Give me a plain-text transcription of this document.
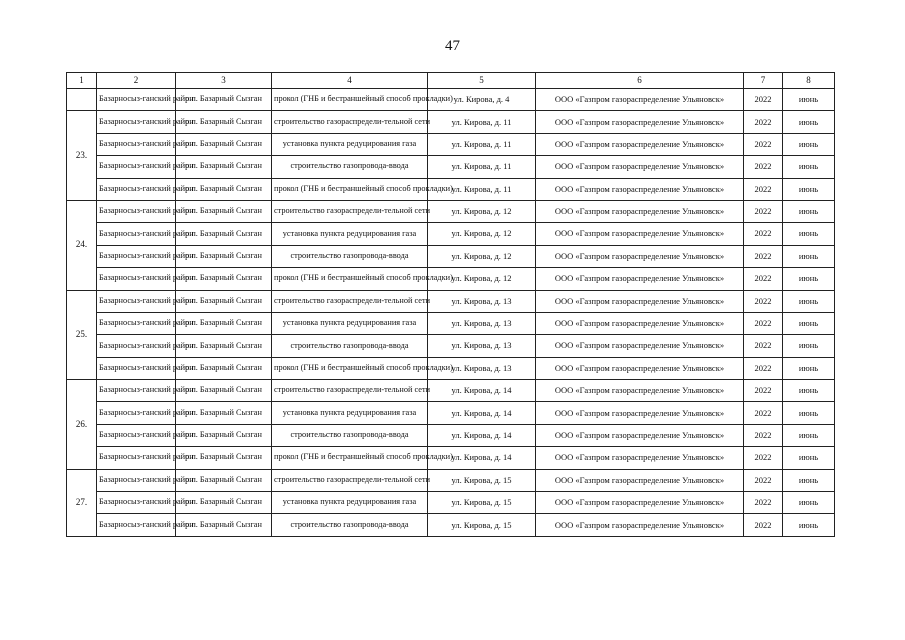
47
1	2	3	4	5	6	7	8
	Базарносыз-ганский район	р.п. Базарный Сызган	прокол (ГНБ и бестраншейный способ прокладки)	ул. Кирова, д. 4	ООО «Газпром газораспределение Ульяновск»	2022	июнь
23.	Базарносыз-ганский район	р.п. Базарный Сызган	строительство газораспредели-тельной сети	ул. Кирова, д. 11	ООО «Газпром газораспределение Ульяновск»	2022	июнь
	Базарносыз-ганский район	р.п. Базарный Сызган	установка пункта редуцирования газа	ул. Кирова, д. 11	ООО «Газпром газораспределение Ульяновск»	2022	июнь
	Базарносыз-ганский район	р.п. Базарный Сызган	строительство газопровода-ввода	ул. Кирова, д. 11	ООО «Газпром газораспределение Ульяновск»	2022	июнь
	Базарносыз-ганский район	р.п. Базарный Сызган	прокол (ГНБ и бестраншейный способ прокладки)	ул. Кирова, д. 11	ООО «Газпром газораспределение Ульяновск»	2022	июнь
24.	Базарносыз-ганский район	р.п. Базарный Сызган	строительство газораспредели-тельной сети	ул. Кирова, д. 12	ООО «Газпром газораспределение Ульяновск»	2022	июнь
	Базарносыз-ганский район	р.п. Базарный Сызган	установка пункта редуцирования газа	ул. Кирова, д. 12	ООО «Газпром газораспределение Ульяновск»	2022	июнь
	Базарносыз-ганский район	р.п. Базарный Сызган	строительство газопровода-ввода	ул. Кирова, д. 12	ООО «Газпром газораспределение Ульяновск»	2022	июнь
	Базарносыз-ганский район	р.п. Базарный Сызган	прокол (ГНБ и бестраншейный способ прокладки)	ул. Кирова, д. 12	ООО «Газпром газораспределение Ульяновск»	2022	июнь
25.	Базарносыз-ганский район	р.п. Базарный Сызган	строительство газораспредели-тельной сети	ул. Кирова, д. 13	ООО «Газпром газораспределение Ульяновск»	2022	июнь
	Базарносыз-ганский район	р.п. Базарный Сызган	установка пункта редуцирования газа	ул. Кирова, д. 13	ООО «Газпром газораспределение Ульяновск»	2022	июнь
	Базарносыз-ганский район	р.п. Базарный Сызган	строительство газопровода-ввода	ул. Кирова, д. 13	ООО «Газпром газораспределение Ульяновск»	2022	июнь
	Базарносыз-ганский район	р.п. Базарный Сызган	прокол (ГНБ и бестраншейный способ прокладки)	ул. Кирова, д. 13	ООО «Газпром газораспределение Ульяновск»	2022	июнь
26.	Базарносыз-ганский район	р.п. Базарный Сызган	строительство газораспредели-тельной сети	ул. Кирова, д. 14	ООО «Газпром газораспределение Ульяновск»	2022	июнь
	Базарносыз-ганский район	р.п. Базарный Сызган	установка пункта редуцирования газа	ул. Кирова, д. 14	ООО «Газпром газораспределение Ульяновск»	2022	июнь
	Базарносыз-ганский район	р.п. Базарный Сызган	строительство газопровода-ввода	ул. Кирова, д. 14	ООО «Газпром газораспределение Ульяновск»	2022	июнь
	Базарносыз-ганский район	р.п. Базарный Сызган	прокол (ГНБ и бестраншейный способ прокладки)	ул. Кирова, д. 14	ООО «Газпром газораспределение Ульяновск»	2022	июнь
27.	Базарносыз-ганский район	р.п. Базарный Сызган	строительство газораспредели-тельной сети	ул. Кирова, д. 15	ООО «Газпром газораспределение Ульяновск»	2022	июнь
	Базарносыз-ганский район	р.п. Базарный Сызган	установка пункта редуцирования газа	ул. Кирова, д. 15	ООО «Газпром газораспределение Ульяновск»	2022	июнь
	Базарносыз-ганский район	р.п. Базарный Сызган	строительство газопровода-ввода	ул. Кирова, д. 15	ООО «Газпром газораспределение Ульяновск»	2022	июнь
